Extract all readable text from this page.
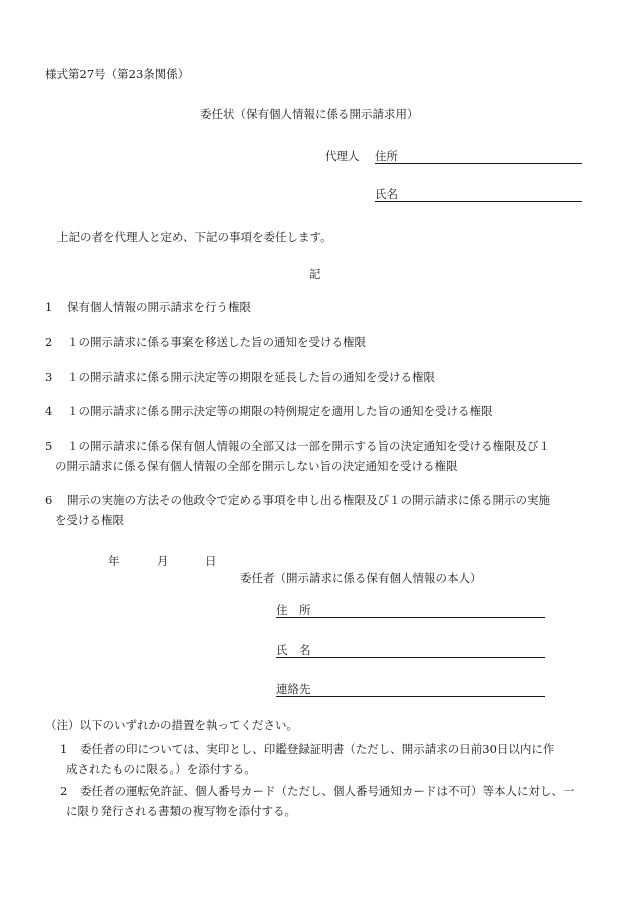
様式第27号（第23条関係）
委任状（保有個人情報に係る開示請求用）
代理人 住所
氏名
上記の者を代理人と定め、下記の事項を委任します。
記
1	保有個人情報の開示請求を行う権限
2	１の開示請求に係る事案を移送した旨の通知を受ける権限
3	１の開示請求に係る開示決定等の期限を延長した旨の通知を受ける権限
4	１の開示請求に係る開示決定等の期限の特例規定を適用した旨の通知を受ける権限
5	１の開示請求に係る保有個人情報の全部又は一部を開示する旨の決定通知を受ける権限及び１
の開示請求に係る保有個人情報の全部を開示しない旨の決定通知を受ける権限
6	開示の実施の方法その他政令で定める事項を申し出る権限及び１の開示請求に係る開示の実施
を受ける権限
年	月	日
委任者（開示請求に係る保有個人情報の本人）
住　所
氏　名
連絡先
（注）以下のいずれかの措置を執ってください。
1 委任者の印については、実印とし、印鑑登録証明書（ただし、開示請求の日前30日以内に作
成されたものに限る。）を添付する。
2 委任者の運転免許証、個人番号カード（ただし、個人番号通知カードは不可）等本人に対し、一
に限り発行される書類の複写物を添付する。
